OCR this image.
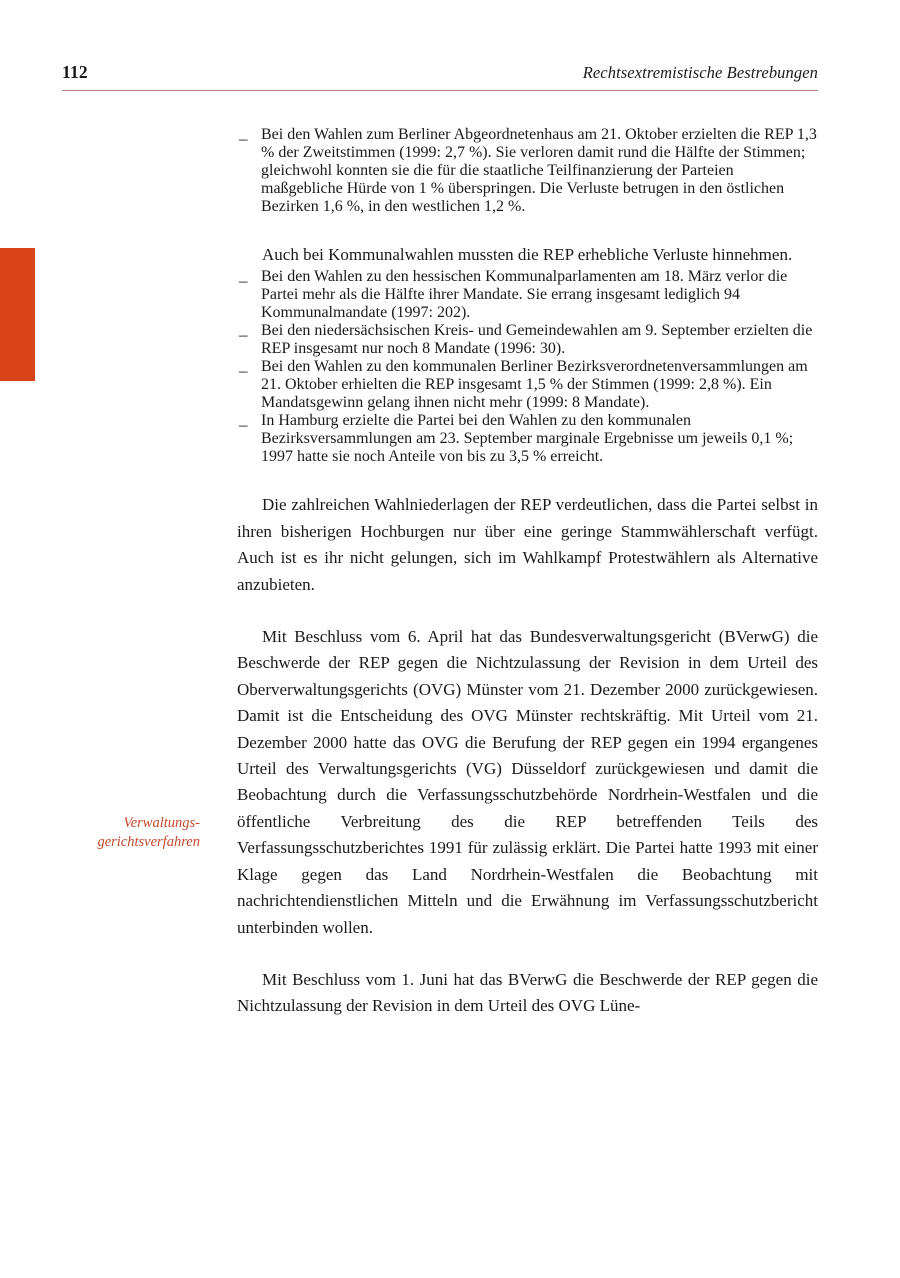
112	Rechtsextremistische Bestrebungen
Verwaltungs-
gerichtsverfahren
– Bei den Wahlen zum Berliner Abgeordnetenhaus am 21. Oktober erzielten die REP 1,3 % der Zweitstimmen (1999: 2,7 %). Sie verloren damit rund die Hälfte der Stimmen; gleichwohl konnten sie die für die staatliche Teilfinanzierung der Parteien maßgebliche Hürde von 1 % überspringen. Die Verluste betrugen in den östlichen Bezirken 1,6 %, in den westlichen 1,2 %.

Auch bei Kommunalwahlen mussten die REP erhebliche Verluste hinnehmen.

– Bei den Wahlen zu den hessischen Kommunalparlamenten am 18. März verlor die Partei mehr als die Hälfte ihrer Mandate. Sie errang insgesamt lediglich 94 Kommunalmandate (1997: 202).
– Bei den niedersächsischen Kreis- und Gemeindewahlen am 9. September erzielten die REP insgesamt nur noch 8 Mandate (1996: 30).
– Bei den Wahlen zu den kommunalen Berliner Bezirksverordnetenversammlungen am 21. Oktober erhielten die REP insgesamt 1,5 % der Stimmen (1999: 2,8 %). Ein Mandatsgewinn gelang ihnen nicht mehr (1999: 8 Mandate).
– In Hamburg erzielte die Partei bei den Wahlen zu den kommunalen Bezirksversammlungen am 23. September marginale Ergebnisse um jeweils 0,1 %; 1997 hatte sie noch Anteile von bis zu 3,5 % erreicht.

Die zahlreichen Wahlniederlagen der REP verdeutlichen, dass die Partei selbst in ihren bisherigen Hochburgen nur über eine geringe Stammwählerschaft verfügt. Auch ist es ihr nicht gelungen, sich im Wahlkampf Protestwählern als Alternative anzubieten.

Mit Beschluss vom 6. April hat das Bundesverwaltungsgericht (BVerwG) die Beschwerde der REP gegen die Nichtzulassung der Revision in dem Urteil des Oberverwaltungsgerichts (OVG) Münster vom 21. Dezember 2000 zurückgewiesen. Damit ist die Entscheidung des OVG Münster rechtskräftig. Mit Urteil vom 21. Dezember 2000 hatte das OVG die Berufung der REP gegen ein 1994 ergangenes Urteil des Verwaltungsgerichts (VG) Düsseldorf zurückgewiesen und damit die Beobachtung durch die Verfassungsschutzbehörde Nordrhein-Westfalen und die öffentliche Verbreitung des die REP betreffenden Teils des Verfassungsschutzberichtes 1991 für zulässig erklärt. Die Partei hatte 1993 mit einer Klage gegen das Land Nordrhein-Westfalen die Beobachtung mit nachrichtendienstlichen Mitteln und die Erwähnung im Verfassungsschutzbericht unterbinden wollen.

Mit Beschluss vom 1. Juni hat das BVerwG die Beschwerde der REP gegen die Nichtzulassung der Revision in dem Urteil des OVG Lüne-
